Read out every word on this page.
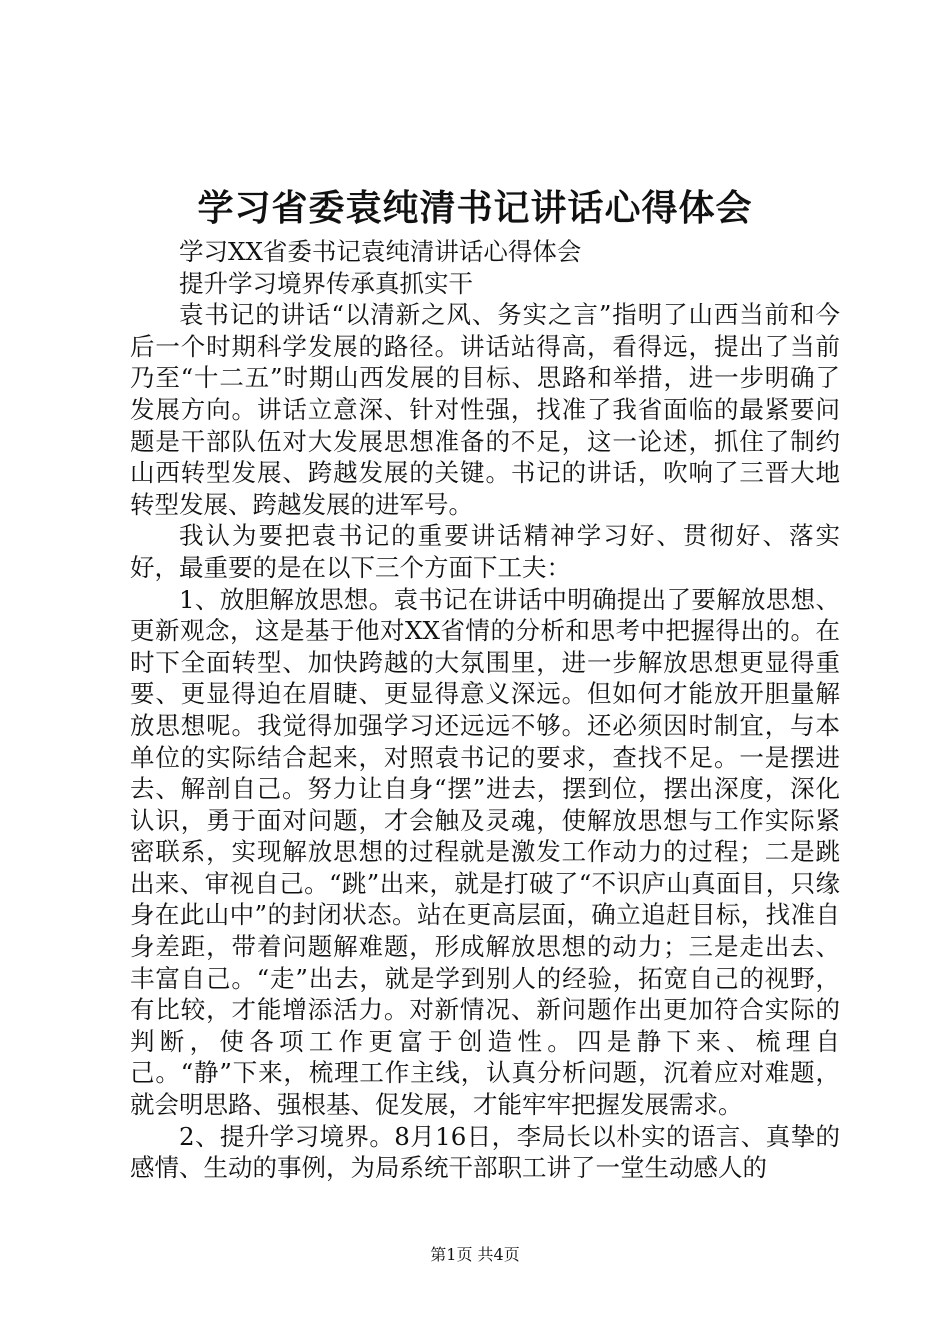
学习省委袁纯清书记讲话心得体会

学习XX省委书记袁纯清讲话心得体会

提升学习境界传承真抓实干

袁书记的讲话“以清新之风、务实之言”指明了山西当前和今后一个时期科学发展的路径。讲话站得高，看得远，提出了当前乃至“十二五”时期山西发展的目标、思路和举措，进一步明确了发展方向。讲话立意深、针对性强，找准了我省面临的最紧要问题是干部队伍对大发展思想准备的不足，这一论述，抓住了制约山西转型发展、跨越发展的关键。书记的讲话，吹响了三晋大地转型发展、跨越发展的进军号。

我认为要把袁书记的重要讲话精神学习好、贯彻好、落实好，最重要的是在以下三个方面下工夫：

1、放胆解放思想。袁书记在讲话中明确提出了要解放思想、更新观念，这是基于他对XX省情的分析和思考中把握得出的。在时下全面转型、加快跨越的大氛围里，进一步解放思想更显得重要、更显得迫在眉睫、更显得意义深远。但如何才能放开胆量解放思想呢。我觉得加强学习还远远不够。还必须因时制宜，与本单位的实际结合起来，对照袁书记的要求，查找不足。一是摆进去、解剖自己。努力让自身“摆”进去，摆到位，摆出深度，深化认识，勇于面对问题，才会触及灵魂，使解放思想与工作实际紧密联系，实现解放思想的过程就是激发工作动力的过程；二是跳出来、审视自己。“跳”出来，就是打破了“不识庐山真面目，只缘身在此山中”的封闭状态。站在更高层面，确立追赶目标，找准自身差距，带着问题解难题，形成解放思想的动力；三是走出去、丰富自己。“走”出去，就是学到别人的经验，拓宽自己的视野，有比较，才能增添活力。对新情况、新问题作出更加符合实际的判断，使各项工作更富于创造性。四是静下来、梳理自己。“静”下来，梳理工作主线，认真分析问题，沉着应对难题，就会明思路、强根基、促发展，才能牢牢把握发展需求。

2、提升学习境界。8月16日，李局长以朴实的语言、真挚的感情、生动的事例，为局系统干部职工讲了一堂生动感人的

第1页 共4页
